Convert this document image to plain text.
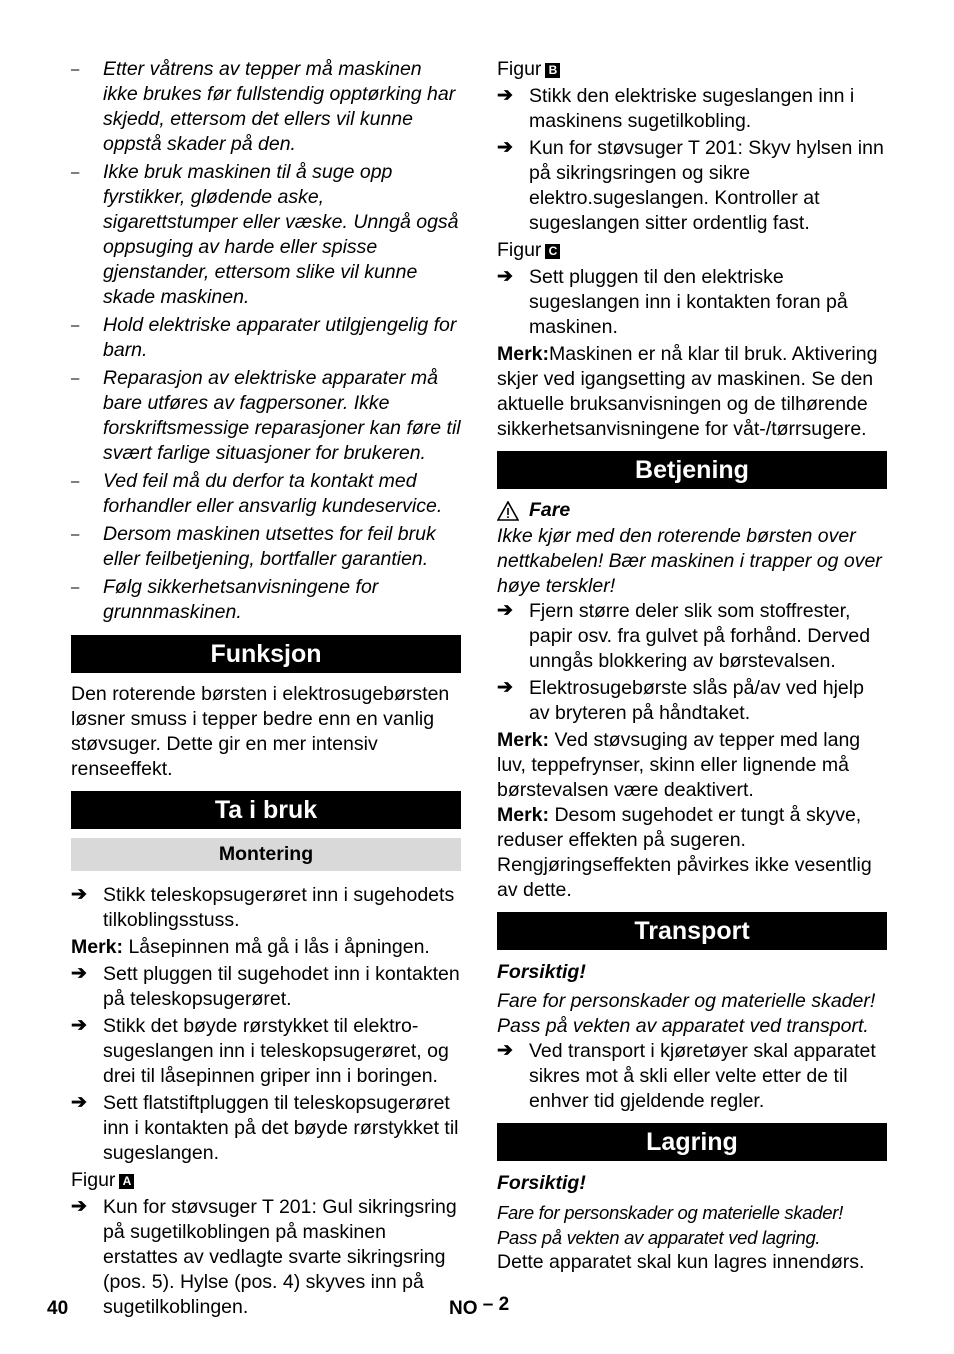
– Etter våtrens av tepper må maskinen ikke brukes før fullstendig opptørking har skjedd, ettersom det ellers vil kunne oppstå skader på den.

– Ikke bruk maskinen til å suge opp fyrstikker, glødende aske, sigarettstumper eller væske. Unngå også oppsuging av harde eller spisse gjenstander, ettersom slike vil kunne skade maskinen.

– Hold elektriske apparater utilgjengelig for barn.

– Reparasjon av elektriske apparater må bare utføres av fagpersoner. Ikke forskriftsmessige reparasjoner kan føre til svært farlige situasjoner for brukeren.

– Ved feil må du derfor ta kontakt med forhandler eller ansvarlig kundeservice.

– Dersom maskinen utsettes for feil bruk eller feilbetjening, bortfaller garantien.

– Følg sikkerhetsanvisningene for grunnmaskinen.

Funksjon

Den roterende børsten i elektrosugebørsten løsner smuss i tepper bedre enn en vanlig støvsuger. Dette gir en mer intensiv renseeffekt.

Ta i bruk
Montering
➔ Stikk teleskopsugerøret inn i sugehodets tilkoblingsstuss.

Merk: Låsepinnen må gå i lås i åpningen.

➔ Sett pluggen til sugehodet inn i kontakten på teleskopsugerøret.

➔ Stikk det bøyde rørstykket til elektro-sugeslangen inn i teleskopsugerøret, og drei til låsepinnen griper inn i boringen.

➔ Sett flatstiftpluggen til teleskopsugerøret inn i kontakten på det bøyde rørstykket til sugeslangen.

Figur A

➔ Kun for støvsuger T 201: Gul sikringsring på sugetilkoblingen på maskinen erstattes av vedlagte svarte sikringsring (pos. 5). Hylse (pos. 4) skyves inn på sugetilkoblingen.

Figur B

➔ Stikk den elektriske sugeslangen inn i maskinens sugetilkobling.

➔ Kun for støvsuger T 201: Skyv hylsen inn på sikringsringen og sikre elektro.sugeslangen. Kontroller at sugeslangen sitter ordentlig fast.

Figur C

➔ Sett pluggen til den elektriske sugeslangen inn i kontakten foran på maskinen.

Merk:Maskinen er nå klar til bruk. Aktivering skjer ved igangsetting av maskinen. Se den aktuelle bruksanvisningen og de tilhørende sikkerhetsanvisningene for våt-/tørrsugere.

Betjening
Fare

Ikke kjør med den roterende børsten over nettkabelen! Bær maskinen i trapper og over høye terskler!

➔ Fjern større deler slik som stoffrester, papir osv. fra gulvet på forhånd. Derved unngås blokkering av børstevalsen.

➔ Elektrosugebørste slås på/av ved hjelp av bryteren på håndtaket.

Merk: Ved støvsuging av tepper med lang luv, teppefrynser, skinn eller lignende må børstevalsen være deaktivert.

Merk: Desom sugehodet er tungt å skyve, reduser effekten på sugeren. Rengjøringseffekten påvirkes ikke vesentlig av dette.

Transport

Forsiktig!

Fare for personskader og materielle skader! Pass på vekten av apparatet ved transport.

➔ Ved transport i kjøretøyer skal apparatet sikres mot å skli eller velte etter de til enhver tid gjeldende regler.

Lagring

Forsiktig!

Fare for personskader og materielle skader! Pass på vekten av apparatet ved lagring.

Dette apparatet skal kun lagres innendørs.

40	NO – 2
